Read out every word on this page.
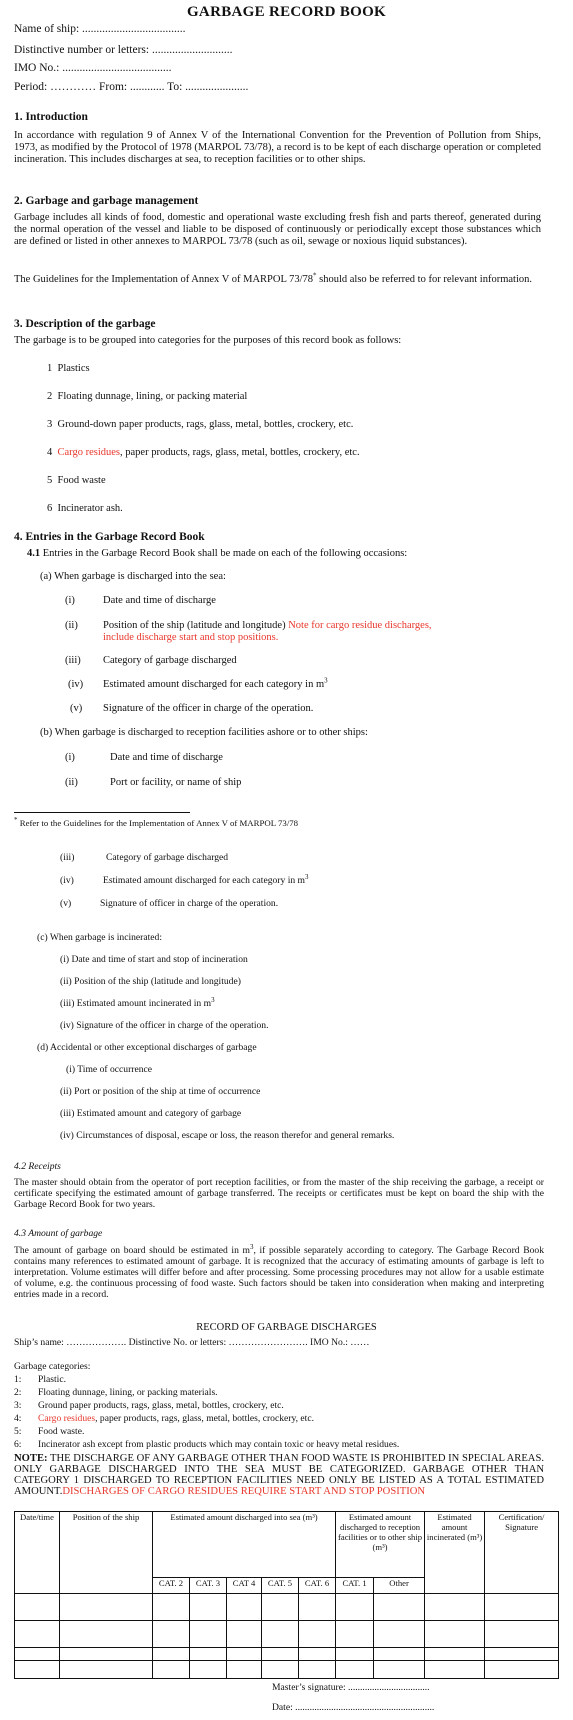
GARBAGE RECORD BOOK
Name of ship: ....................................
Distinctive number or letters: ............................
IMO No.: ......................................
Period: ………… From: ............ To: ......................
1. Introduction
In accordance with regulation 9 of Annex V of the International Convention for the Prevention of Pollution from Ships, 1973, as modified by the Protocol of 1978 (MARPOL 73/78), a record is to be kept of each discharge operation or completed incineration. This includes discharges at sea, to reception facilities or to other ships.
2. Garbage and garbage management
Garbage includes all kinds of food, domestic and operational waste excluding fresh fish and parts thereof, generated during the normal operation of the vessel and liable to be disposed of continuously or periodically except those substances which are defined or listed in other annexes to MARPOL 73/78 (such as oil, sewage or noxious liquid substances).
The Guidelines for the Implementation of Annex V of MARPOL 73/78* should also be referred to for relevant information.
3. Description of the garbage
The garbage is to be grouped into categories for the purposes of this record book as follows:
1 Plastics
2 Floating dunnage, lining, or packing material
3 Ground-down paper products, rags, glass, metal, bottles, crockery, etc.
4 Cargo residues, paper products, rags, glass, metal, bottles, crockery, etc.
5 Food waste
6 Incinerator ash.
4. Entries in the Garbage Record Book
4.1 Entries in the Garbage Record Book shall be made on each of the following occasions:
(a) When garbage is discharged into the sea:
(i)	Date and time of discharge
(ii) Position of the ship (latitude and longitude) Note for cargo residue discharges,
include discharge start and stop positions.
(iii) Category of garbage discharged
(iv) Estimated amount discharged for each category in $m^3$
(v) Signature of the officer in charge of the operation.
(b) When garbage is discharged to reception facilities ashore or to other ships:
(i)	Date and time of discharge
(ii)	Port or facility, or name of ship
* Refer to the Guidelines for the Implementation of Annex V of MARPOL 73/78
(iii)	Category of garbage discharged
(iv)	Estimated amount discharged for each category in $m^3$
(v)	Signature of officer in charge of the operation.
(c) When garbage is incinerated:
(i) Date and time of start and stop of incineration
(ii) Position of the ship (latitude and longitude)
(iii) Estimated amount incinerated in $m^3$
(iv) Signature of the officer in charge of the operation.
(d) Accidental or other exceptional discharges of garbage
(i) Time of occurrence
(ii) Port or position of the ship at time of occurrence
(iii) Estimated amount and category of garbage
(iv) Circumstances of disposal, escape or loss, the reason therefor and general remarks.
4.2 Receipts
The master should obtain from the operator of port reception facilities, or from the master of the ship receiving the garbage, a receipt or certificate specifying the estimated amount of garbage transferred. The receipts or certificates must be kept on board the ship with the Garbage Record Book for two years.
4.3 Amount of garbage
The amount of garbage on board should be estimated in $m^3$, if possible separately according to category. The Garbage Record Book contains many references to estimated amount of garbage. It is recognized that the accuracy of estimating amounts of garbage is left to interpretation. Volume estimates will differ before and after processing. Some processing procedures may not allow for a usable estimate of volume, e.g. the continuous processing of food waste. Such factors should be taken into consideration when making and interpreting entries made in a record.
RECORD OF GARBAGE DISCHARGES
Ship’s name: ………………. Distinctive No. or letters: ……………………. IMO No.: ……
Garbage categories:
1: Plastic.
2: Floating dunnage, lining, or packing materials.
3: Ground paper products, rags, glass, metal, bottles, crockery, etc.
4: Cargo residues, paper products, rags, glass, metal, bottles, crockery, etc.
5: Food waste.
6: Incinerator ash except from plastic products which may contain toxic or heavy metal residues.
NOTE: THE DISCHARGE OF ANY GARBAGE OTHER THAN FOOD WASTE IS PROHIBITED IN SPECIAL AREAS. ONLY GARBAGE DISCHARGED INTO THE SEA MUST BE CATEGORIZED. GARBAGE OTHER THAN CATEGORY 1 DISCHARGED TO RECEPTION FACILITIES NEED ONLY BE LISTED AS A TOTAL ESTIMATED AMOUNT.DISCHARGES OF CARGO RESIDUES REQUIRE START AND STOP POSITION
Date/time	Position of the ship	Estimated amount discharged into sea (m³)					Estimated amount discharged to reception facilities or to other ship (m³)		Estimated amount incinerated (m³)	Certification/ Signature
		CAT. 2	CAT. 3	CAT 4	CAT. 5	CAT. 6	CAT. 1	Other		

Master’s signature: ..................................
Date: ..........................................................
